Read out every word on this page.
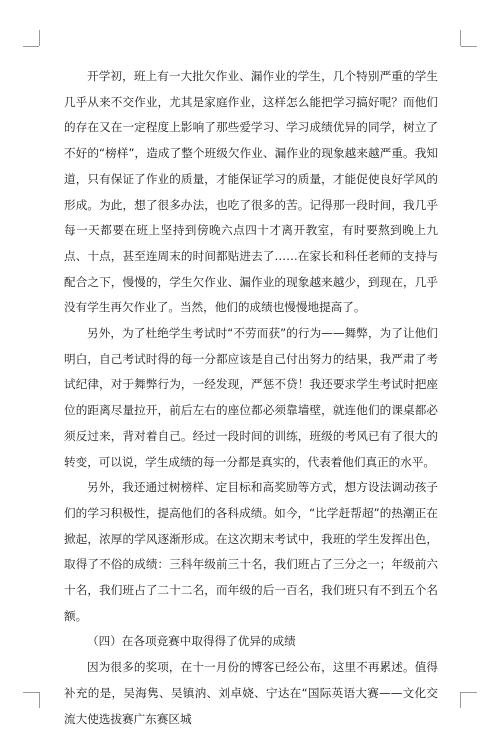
开学初，班上有一大批欠作业、漏作业的学生，几个特别严重的学生几乎从来不交作业，尤其是家庭作业，这样怎么能把学习搞好呢？而他们的存在又在一定程度上影响了那些爱学习、学习成绩优异的同学，树立了不好的“榜样”，造成了整个班级欠作业、漏作业的现象越来越严重。我知道，只有保证了作业的质量，才能保证学习的质量，才能促使良好学风的形成。为此，想了很多办法，也吃了很多的苦。记得那一段时间，我几乎每一天都要在班上坚持到傍晚六点四十才离开教室，有时要熬到晚上九点、十点，甚至连周末的时间都贴进去了……在家长和科任老师的支持与配合之下，慢慢的，学生欠作业、漏作业的现象越来越少，到现在，几乎没有学生再欠作业了。当然，他们的成绩也慢慢地提高了。

另外，为了杜绝学生考试时“不劳而获”的行为——舞弊，为了让他们明白，自己考试时得的每一分都应该是自己付出努力的结果，我严肃了考试纪律，对于舞弊行为，一经发现，严惩不贷！我还要求学生考试时把座位的距离尽量拉开，前后左右的座位都必须靠墙壁，就连他们的课桌都必须反过来，背对着自己。经过一段时间的训练，班级的考风已有了很大的转变，可以说，学生成绩的每一分都是真实的，代表着他们真正的水平。

另外，我还通过树榜样、定目标和高奖励等方式，想方设法调动孩子们的学习积极性，提高他们的各科成绩。如今，“比学赶帮超”的热潮正在掀起，浓厚的学风逐渐形成。在这次期末考试中，我班的学生发挥出色，取得了不俗的成绩：三科年级前三十名，我们班占了三分之一；年级前六十名，我们班占了二十二名，而年级的后一百名，我们班只有不到五个名额。

（四）在各项竞赛中取得得了优异的成绩

因为很多的奖项，在十一月份的博客已经公布，这里不再累述。值得补充的是，吴海隽、吴镇汭、刘卓娆、宁达在“国际英语大赛——文化交流大使选拔赛广东赛区城
